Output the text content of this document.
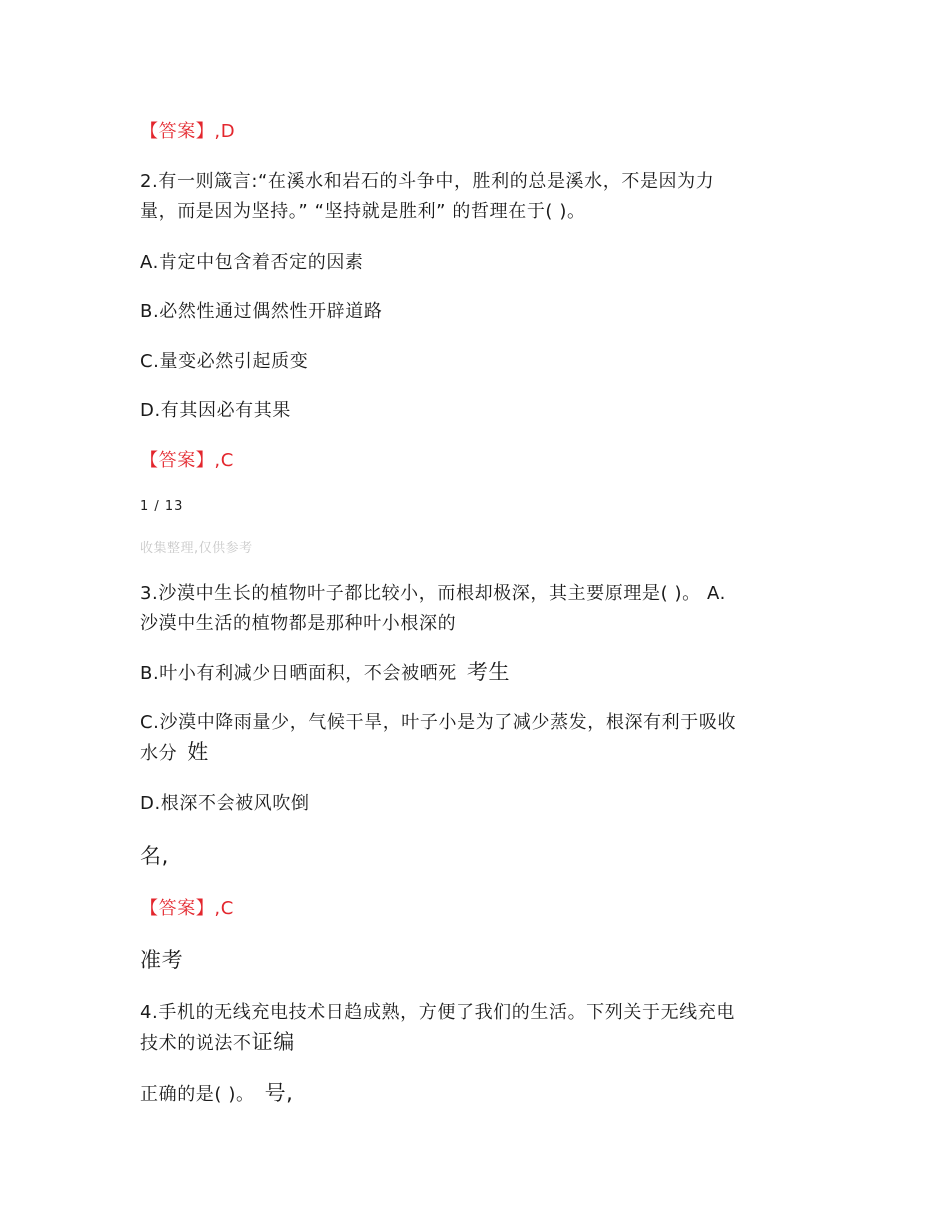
【答案】,D

2.有一则箴言:“在溪水和岩石的斗争中，胜利的总是溪水，不是因为力

量，而是因为坚持。” “坚持就是胜利” 的哲理在于( )。

A.肯定中包含着否定的因素

B.必然性通过偶然性开辟道路

C.量变必然引起质变

D.有其因必有其果

【答案】,C

1 / 13

收集整理,仅供参考

3.沙漠中生长的植物叶子都比较小，而根却极深，其主要原理是( )。 A.

沙漠中生活的植物都是那种叶小根深的

B.叶小有利减少日晒面积，不会被晒死 考生

C.沙漠中降雨量少，气候干旱，叶子小是为了减少蒸发，根深有利于吸收

水分 姓

D.根深不会被风吹倒

名,

【答案】,C

准考

4.手机的无线充电技术日趋成熟，方便了我们的生活。下列关于无线充电

技术的说法不证编

正确的是( )。 号,
